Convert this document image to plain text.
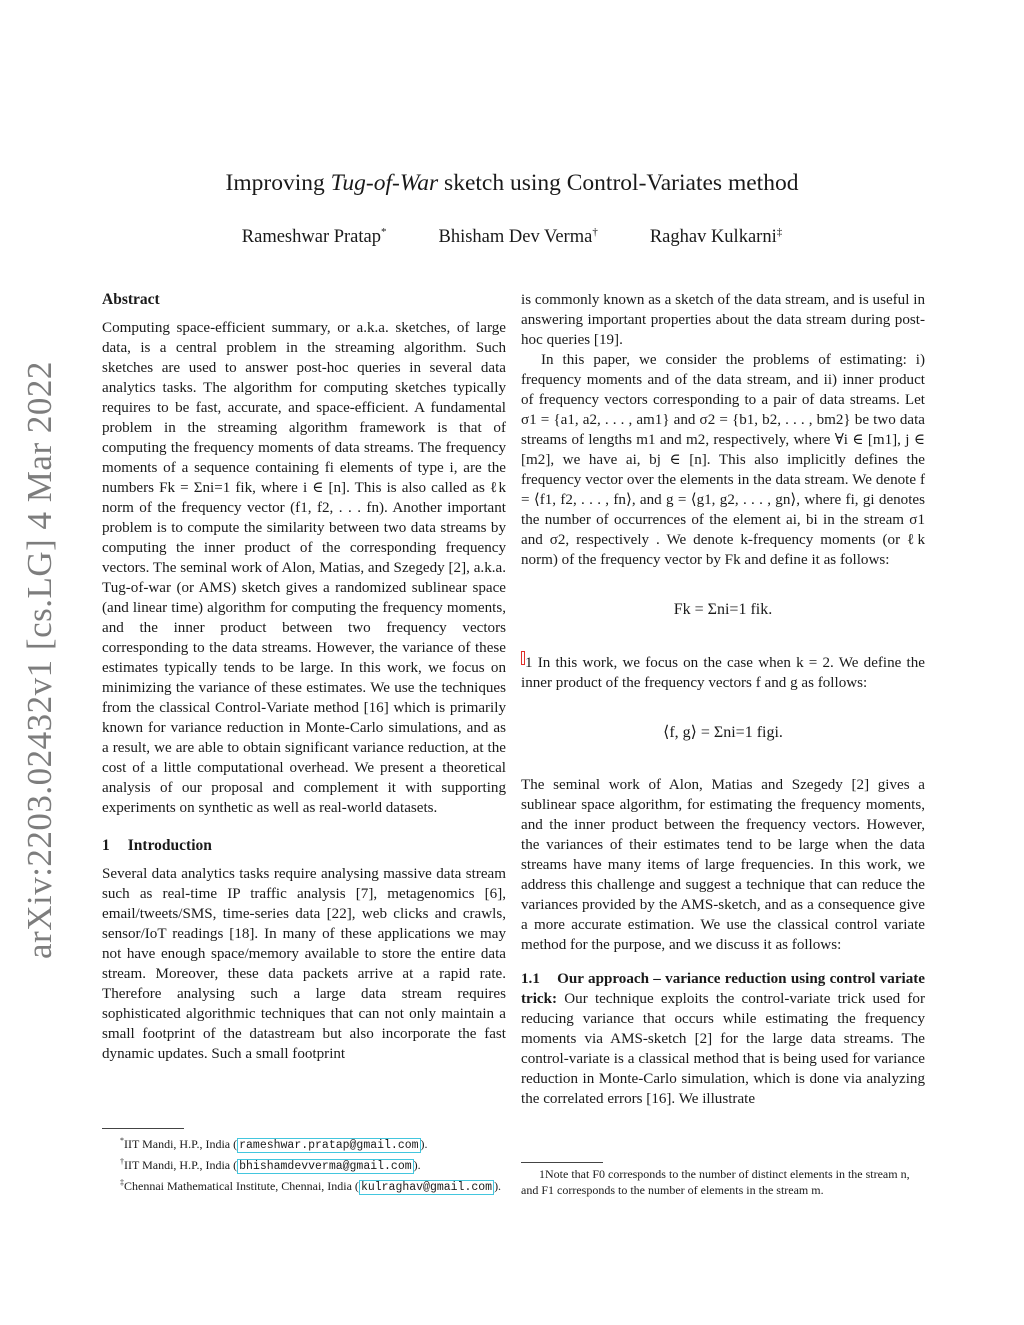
arXiv:2203.02432v1 [cs.LG] 4 Mar 2022
Improving Tug-of-War sketch using Control-Variates method
Rameshwar Pratap*	Bhisham Dev Verma†	Raghav Kulkarni‡
Abstract

Computing space-efficient summary, or a.k.a. sketches, of large data, is a central problem in the streaming algorithm. Such sketches are used to answer post-hoc queries in several data analytics tasks. The algorithm for computing sketches typically requires to be fast, accurate, and space-efficient. A fundamental problem in the streaming algorithm framework is that of computing the frequency moments of data streams. The frequency moments of a sequence containing fi elements of type i, are the numbers Fk = Σni=1 fik, where i ∈ [n]. This is also called as ℓk norm of the frequency vector (f1, f2, . . . fn). Another important problem is to compute the similarity between two data streams by computing the inner product of the corresponding frequency vectors. The seminal work of Alon, Matias, and Szegedy [2], a.k.a. Tug-of-war (or AMS) sketch gives a randomized sublinear space (and linear time) algorithm for computing the frequency moments, and the inner product between two frequency vectors corresponding to the data streams. However, the variance of these estimates typically tends to be large. In this work, we focus on minimizing the variance of these estimates. We use the techniques from the classical Control-Variate method [16] which is primarily known for variance reduction in Monte-Carlo simulations, and as a result, we are able to obtain significant variance reduction, at the cost of a little computational overhead. We present a theoretical analysis of our proposal and complement it with supporting experiments on synthetic as well as real-world datasets.

1 Introduction

Several data analytics tasks require analysing massive data stream such as real-time IP traffic analysis [7], metagenomics [6], email/tweets/SMS, time-series data [22], web clicks and crawls, sensor/IoT readings [18]. In many of these applications we may not have enough space/memory available to store the entire data stream. Moreover, these data packets arrive at a rapid rate. Therefore analysing such a large data stream requires sophisticated algorithmic techniques that can not only maintain a small footprint of the datastream but also incorporate the fast dynamic updates. Such a small footprint

*IIT Mandi, H.P., India ( rameshwar.pratap@gmail.com ).

†IIT Mandi, H.P., India ( bhishamdevverma@gmail.com ).

‡Chennai Mathematical Institute, Chennai, India ( kulraghav@gmail.com ).

is commonly known as a sketch of the data stream, and is useful in answering important properties about the data stream during post-hoc queries [19].

In this paper, we consider the problems of estimating: i) frequency moments and of the data stream, and ii) inner product of frequency vectors corresponding to a pair of data streams. Let σ1 = {a1, a2, . . . , am1} and σ2 = {b1, b2, . . . , bm2} be two data streams of lengths m1 and m2, respectively, where ∀i ∈ [m1], j ∈ [m2], we have ai, bj ∈ [n]. This also implicitly defines the frequency vector over the elements in the data stream. We denote f = ⟨f1, f2, . . . , fn⟩, and g = ⟨g1, g2, . . . , gn⟩, where fi, gi denotes the number of occurrences of the element ai, bi in the stream σ1 and σ2, respectively . We denote k-frequency moments (or ℓk norm) of the frequency vector by Fk and define it as follows:

Fk = Σni=1 fik.

1 In this work, we focus on the case when k = 2. We define the inner product of the frequency vectors f and g as follows:

⟨f, g⟩ = Σni=1 figi.

The seminal work of Alon, Matias and Szegedy [2] gives a sublinear space algorithm, for estimating the frequency moments, and the inner product between the frequency vectors. However, the variances of their estimates tend to be large when the data streams have many items of large frequencies. In this work, we address this challenge and suggest a technique that can reduce the variances provided by the AMS-sketch, and as a consequence give a more accurate estimation. We use the classical control variate method for the purpose, and we discuss it as follows:

1.1 Our approach – variance reduction using control variate trick: Our technique exploits the control-variate trick used for reducing variance that occurs while estimating the frequency moments via AMS-sketch [2] for the large data streams. The control-variate is a classical method that is being used for variance reduction in Monte-Carlo simulation, which is done via analyzing the correlated errors [16]. We illustrate

1Note that F0 corresponds to the number of distinct elements in the stream n, and F1 corresponds to the number of elements in the stream m.
